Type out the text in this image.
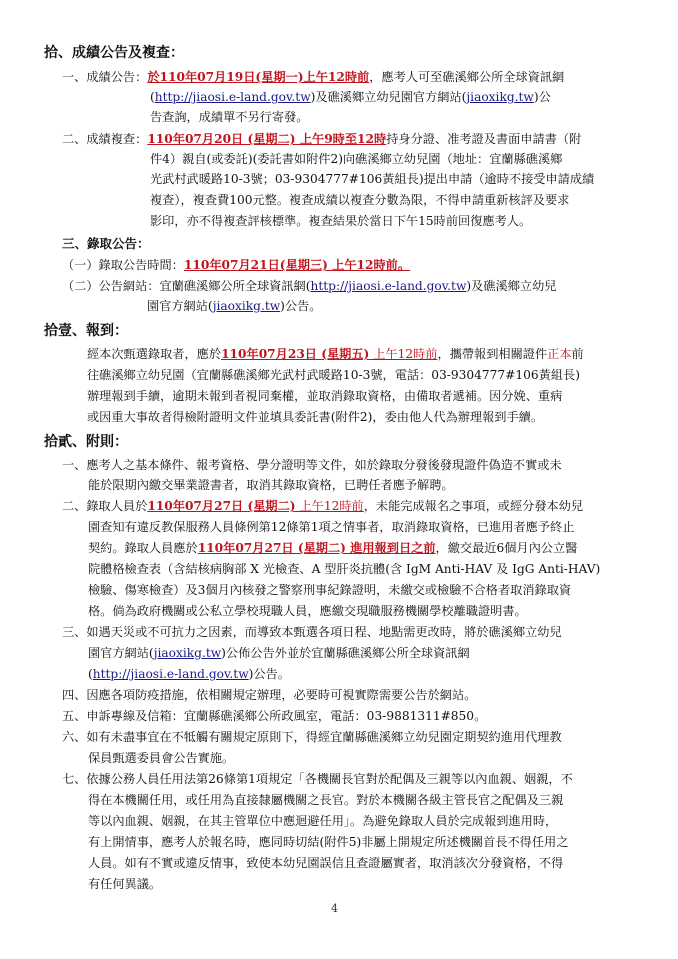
拾、成績公告及複查：
一、成績公告：於110年07月19日(星期一)上午12時前，應考人可至礁溪鄉公所全球資訊網
(http://jiaosi.e-land.gov.tw)及礁溪鄉立幼兒園官方網站(jiaoxikg.tw)公
告查詢，成績單不另行寄發。
二、成績複查：110年07月20日 (星期二) 上午9時至12時持身分證、准考證及書面申請書（附
件4）親自(或委託)(委託書如附件2)向礁溪鄉立幼兒園（地址：宜蘭縣礁溪鄉
光武村武暖路10-3號；03-9304777#106黃組長)提出申請（逾時不接受申請成績
複查），複查費100元整。複查成績以複查分數為限，不得申請重新核評及要求
影印，亦不得複查評核標準。複查結果於當日下午15時前回復應考人。
三、錄取公告：
（一）錄取公告時間：110年07月21日(星期三) 上午12時前。
（二）公告網站：宜蘭礁溪鄉公所全球資訊網(http://jiaosi.e-land.gov.tw)及礁溪鄉立幼兒
園官方網站(jiaoxikg.tw)公告。
拾壹、報到：
經本次甄選錄取者，應於110年07月23日 (星期五) 上午12時前，攜帶報到相關證件正本前
往礁溪鄉立幼兒園（宜蘭縣礁溪鄉光武村武暖路10-3號，電話：03-9304777#106黃組長)
辦理報到手續，逾期未報到者視同棄權，並取消錄取資格，由備取者遞補。因分娩、重病
或因重大事故者得檢附證明文件並填具委託書(附件2)，委由他人代為辦理報到手續。
拾貳、附則：
一、應考人之基本條件、報考資格、學分證明等文件，如於錄取分發後發現證件偽造不實或未
能於限期內繳交畢業證書者，取消其錄取資格，已聘任者應予解聘。
二、錄取人員於110年07月27日 (星期二) 上午12時前，未能完成報名之事項，或經分發本幼兒
園查知有違反教保服務人員條例第12條第1項之情事者，取消錄取資格，已進用者應予終止
契約。錄取人員應於110年07月27日 (星期二) 進用報到日之前，繳交最近6個月內公立醫
院體格檢查表（含結核病胸部 X 光檢查、A 型肝炎抗體(含 IgM Anti-HAV 及 IgG Anti-HAV)
檢驗、傷寒檢查）及3個月內核發之警察刑事紀錄證明，未繳交或檢驗不合格者取消錄取資
格。倘為政府機關或公私立學校現職人員，應繳交現職服務機關學校離職證明書。
三、如遇天災或不可抗力之因素，而導致本甄選各項日程、地點需更改時，將於礁溪鄉立幼兒
園官方網站(jiaoxikg.tw)公佈公告外並於宜蘭縣礁溪鄉公所全球資訊網
(http://jiaosi.e-land.gov.tw)公告。
四、因應各項防疫措施，依相關規定辦理，必要時可視實際需要公告於網站。
五、申訴專線及信箱：宜蘭縣礁溪鄉公所政風室，電話：03-9881311#850。
六、如有未盡事宜在不牴觸有關規定原則下，得經宜蘭縣礁溪鄉立幼兒園定期契約進用代理教
保員甄選委員會公告實施。
七、依據公務人員任用法第26條第1項規定「各機關長官對於配偶及三親等以內血親、姻親，不
得在本機關任用，或任用為直接隸屬機關之長官。對於本機關各級主管長官之配偶及三親
等以內血親、姻親，在其主管單位中應迴避任用」。為避免錄取人員於完成報到進用時，
有上開情事，應考人於報名時，應同時切結(附件5)非屬上開規定所述機關首長不得任用之
人員。如有不實或違反情事，致使本幼兒園誤信且查證屬實者，取消該次分發資格，不得
有任何異議。
4
